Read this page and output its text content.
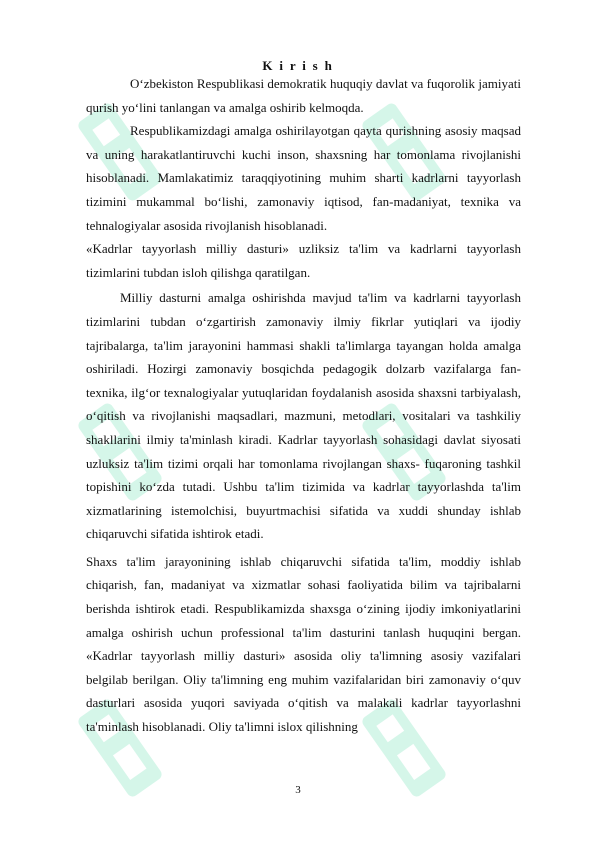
K i r i s h

O‘zbekiston Respublikasi demokratik huquqiy davlat va fuqorolik jamiyati qurish yo‘lini tanlangan va amalga oshirib kelmoqda.

Respublikamizdagi amalga oshirilayotgan qayta qurishning asosiy maqsad va uning harakatlantiruvchi kuchi inson, shaxsning har tomonlama rivojlanishi hisoblanadi. Mamlakatimiz taraqqiyotining muhim sharti kadrlarni tayyorlash tizimini mukammal bo‘lishi, zamonaviy iqtisod, fan-madaniyat, texnika va tehnalogiyalar asosida rivojlanish hisoblanadi.

«Kadrlar tayyorlash milliy dasturi» uzliksiz ta'lim va kadrlarni tayyorlash tizimlarini tubdan isloh qilishga qaratilgan.

Milliy dasturni amalga oshirishda mavjud ta'lim va kadrlarni tayyorlash tizimlarini tubdan o‘zgartirish zamonaviy ilmiy fikrlar yutiqlari va ijodiy tajribalarga, ta'lim jarayonini hammasi shakli ta'limlarga tayangan holda amalga oshiriladi. Hozirgi zamonaviy bosqichda pedagogik dolzarb vazifalarga fan-texnika, ilg‘or texnalogiyalar yutuqlaridan foydalanish asosida shaxsni tarbiyalash, o‘qitish va rivojlanishi maqsadlari, mazmuni, metodlari, vositalari va tashkiliy shakllarini ilmiy ta'minlash kiradi. Kadrlar tayyorlash sohasidagi davlat siyosati uzluksiz ta'lim tizimi orqali har tomonlama rivojlangan shaxs- fuqaroning tashkil topishini ko‘zda tutadi. Ushbu ta'lim tizimida va kadrlar tayyorlashda ta'lim xizmatlarining istemolchisi, buyurtmachisi sifatida va xuddi shunday ishlab chiqaruvchi sifatida ishtirok etadi.

Shaxs ta'lim jarayonining ishlab chiqaruvchi sifatida ta'lim, moddiy ishlab chiqarish, fan, madaniyat va xizmatlar sohasi faoliyatida bilim va tajribalarni berishda ishtirok etadi. Respublikamizda shaxsga o‘zining ijodiy imkoniyatlarini amalga oshirish uchun professional ta'lim dasturini tanlash huquqini bergan. «Kadrlar tayyorlash milliy dasturi» asosida oliy ta'limning asosiy vazifalari belgilab berilgan. Oliy ta'limning eng muhim vazifalaridan biri zamonaviy o‘quv dasturlari asosida yuqori saviyada o‘qitish va malakali kadrlar tayyorlashni ta'minlash hisoblanadi. Oliy ta'limni islox qilishning

3
